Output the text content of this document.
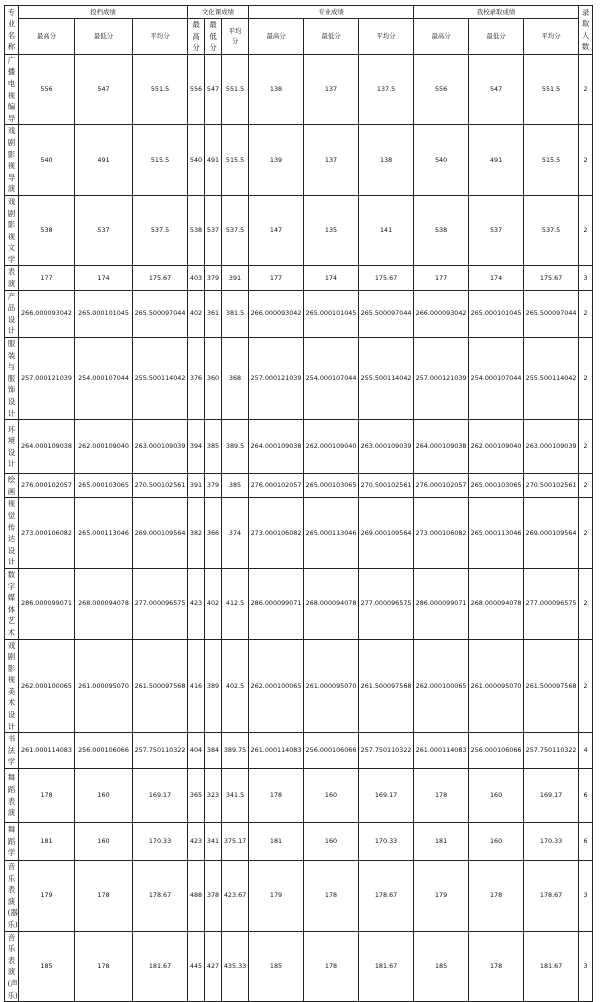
专业名称	投档成绩			文化课成绩			专业成绩			我校录取成绩			录取人数
	最高分	最低分	平均分	最高分	最低分	平均分	最高分	最低分	平均分	最高分	最低分	平均分	
广播电视编导	556	547	551.5	556	547	551.5	138	137	137.5	556	547	551.5	2
戏剧影视导演	540	491	515.5	540	491	515.5	139	137	138	540	491	515.5	2
戏剧影视文学	538	537	537.5	538	537	537.5	147	135	141	538	537	537.5	2
表演	177	174	175.67	403	379	391	177	174	175.67	177	174	175.67	3
产品设计	266.000093042	265.000101045	265.500097044	402	361	381.5	266.000093042	265.000101045	265.500097044	266.000093042	265.000101045	265.500097044	2
服装与服饰设计	257.000121039	254.000107044	255.500114042	376	360	368	257.000121039	254.000107044	255.500114042	257.000121039	254.000107044	255.500114042	2
环境设计	264.000109038	262.000109040	263.000109039	394	385	389.5	264.000109038	262.000109040	263.000109039	264.000109038	262.000109040	263.000109039	2
绘画	276.000102057	265.000103065	270.500102561	391	379	385	276.000102057	265.000103065	270.500102561	276.000102057	265.000103065	270.500102561	2
视觉传达设计	273.000106082	265.000113046	269.000109564	382	366	374	273.000106082	265.000113046	269.000109564	273.000106082	265.000113046	269.000109564	2
数字媒体艺术	286.000099071	268.000094078	277.000096575	423	402	412.5	286.000099071	268.000094078	277.000096575	286.000099071	268.000094078	277.000096575	2
戏剧影视美术设计	262.000100065	261.000095070	261.500097568	416	389	402.5	262.000100065	261.000095070	261.500097568	262.000100065	261.000095070	261.500097568	2
书法学	261.000114083	256.000106066	257.750110322	404	384	389.75	261.000114083	256.000106066	257.750110322	261.000114083	256.000106066	257.750110322	4
舞蹈表演	178	160	169.17	365	323	341.5	178	160	169.17	178	160	169.17	6
舞蹈学	181	160	170.33	423	341	375.17	181	160	170.33	181	160	170.33	6
音乐表演(器乐)	179	178	178.67	488	378	423.67	179	178	178.67	179	178	178.67	3
音乐表演(声乐)	185	178	181.67	445	427	435.33	185	178	181.67	185	178	181.67	3
